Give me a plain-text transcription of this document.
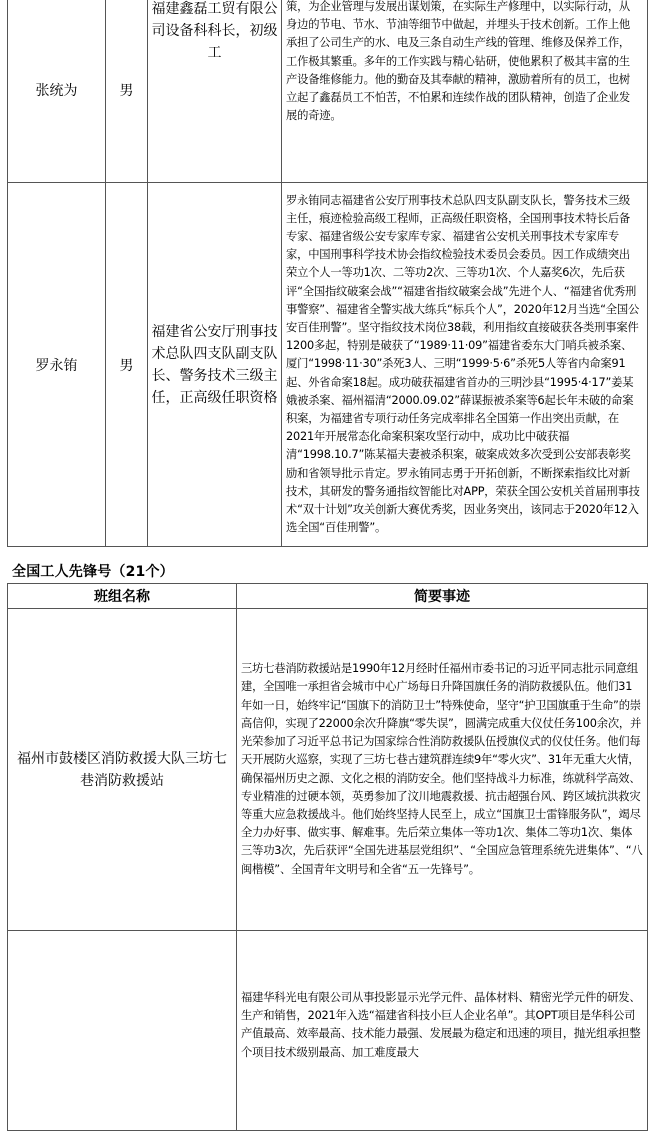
张统为	男	福建鑫磊工贸有限公司设备科科长，初级工	策，为企业管理与发展出谋划策，在实际生产修理中，以实际行动，从身边的节电、节水、节油等细节中做起，并埋头于技术创新。工作上他承担了公司生产的水、电及三条自动生产线的管理、维修及保养工作，工作极其繁重。多年的工作实践与精心钻研，使他累积了极其丰富的生产设备维修能力。他的勤奋及其奉献的精神，激励着所有的员工，也树立起了鑫磊员工不怕苦，不怕累和连续作战的团队精神，创造了企业发展的奇迹。
罗永铕	男	福建省公安厅刑事技术总队四支队副支队长、警务技术三级主任，正高级任职资格	罗永铕同志福建省公安厅刑事技术总队四支队副支队长，警务技术三级主任，痕迹检验高级工程师，正高级任职资格，全国刑事技术特长后备专家、福建省级公安专家库专家、福建省公安机关刑事技术专家库专家，中国刑事科学技术协会指纹检验技术委员会委员。因工作成绩突出荣立个人一等功1次、二等功2次、三等功1次、个人嘉奖6次，先后获评“全国指纹破案会战”“福建省指纹破案会战”先进个人、“福建省优秀刑事警察”、福建省全警实战大练兵“标兵个人”，2020年12月当选“全国公安百佳刑警”。坚守指纹技术岗位38载，利用指纹直接破获各类刑事案件1200多起，特别是破获了“1989·11·09”福建省委东大门哨兵被杀案、厦门“1998·11·30”杀死3人、三明“1999·5·6”杀死5人等省内命案91起、外省命案18起。成功破获福建省首办的三明沙县“1995·4·17”姜某娥被杀案、福州福清“2000.09.02”薛谋振被杀案等6起长年未破的命案积案，为福建省专项行动任务完成率排名全国第一作出突出贡献，在2021年开展常态化命案积案攻坚行动中，成功比中破获福清“1998.10.7”陈某福夫妻被杀积案，破案成效多次受到公安部表彰奖励和省领导批示肯定。罗永铕同志勇于开拓创新，不断探索指纹比对新技术，其研发的警务通指纹智能比对APP，荣获全国公安机关首届刑事技术“双十计划”攻关创新大赛优秀奖，因业务突出，该同志于2020年12入选全国“百佳刑警”。
全国工人先锋号（21个）
班组名称	简要事迹
福州市鼓楼区消防救援大队三坊七巷消防救援站	三坊七巷消防救援站是1990年12月经时任福州市委书记的习近平同志批示同意组建，全国唯一承担省会城市中心广场每日升降国旗任务的消防救援队伍。他们31年如一日，始终牢记“国旗下的消防卫士”特殊使命，坚守“护卫国旗重于生命”的崇高信仰，实现了22000余次升降旗“零失误”，圆满完成重大仪仗任务100余次，并光荣参加了习近平总书记为国家综合性消防救援队伍授旗仪式的仪仗任务。他们每天开展防火巡察，实现了三坊七巷古建筑群连续9年“零火灾”、31年无重大火情，确保福州历史之源、文化之根的消防安全。他们坚持战斗力标准，练就科学高效、专业精准的过硬本领，英勇参加了汶川地震救援、抗击超强台风、跨区域抗洪救灾等重大应急救援战斗。他们始终坚持人民至上，成立“国旗卫士雷锋服务队”，竭尽全力办好事、做实事、解难事。先后荣立集体一等功1次、集体二等功1次、集体三等功3次，先后获评“全国先进基层党组织”、“全国应急管理系统先进集体”、“八闽楷模”、全国青年文明号和全省“五一先锋号”。
	福建华科光电有限公司从事投影显示光学元件、晶体材料、精密光学元件的研发、生产和销售，2021年入选“福建省科技小巨人企业名单”。其OPT项目是华科公司产值最高、效率最高、技术能力最强、发展最为稳定和迅速的项目，抛光组承担整个项目技术级别最高、加工难度最大
